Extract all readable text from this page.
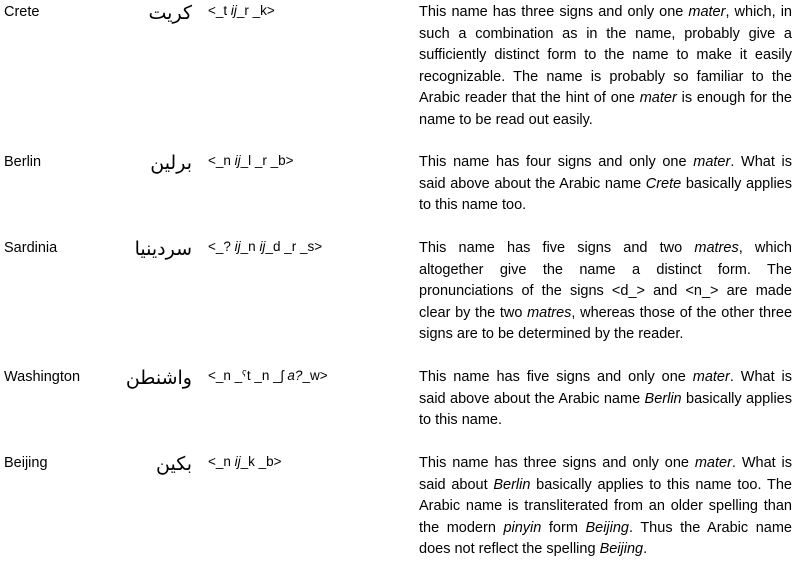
Crete	كريت <_t ij_r _k>	This name has three signs and only one mater, which, in such a combination as in the name, probably give a sufficiently distinct form to the name to make it easily recognizable. The name is probably so familiar to the Arabic reader that the hint of one mater is enough for the name to be read out easily.
Berlin	برلين <_n ij_l _r _b>	This name has four signs and only one mater. What is said above about the Arabic name Crete basically applies to this name too.
Sardinia	سردينيا <_? ij_n ij_d _r _s>	This name has five signs and two matres, which altogether give the name a distinct form. The pronunciations of the signs <d_> and <n_> are made clear by the two matres, whereas those of the other three signs are to be determined by the reader.
Washington واشنطن <_n _ˁt _n _ʃ a?_w>	This name has five signs and only one mater. What is said above about the Arabic name Berlin basically applies to this name.
Beijing	بكين <_n ij_k _b>	This name has three signs and only one mater. What is said about Berlin basically applies to this name too. The Arabic name is transliterated from an older spelling than the modern pinyin form Beijing. Thus the Arabic name does not reflect the spelling Beijing.
